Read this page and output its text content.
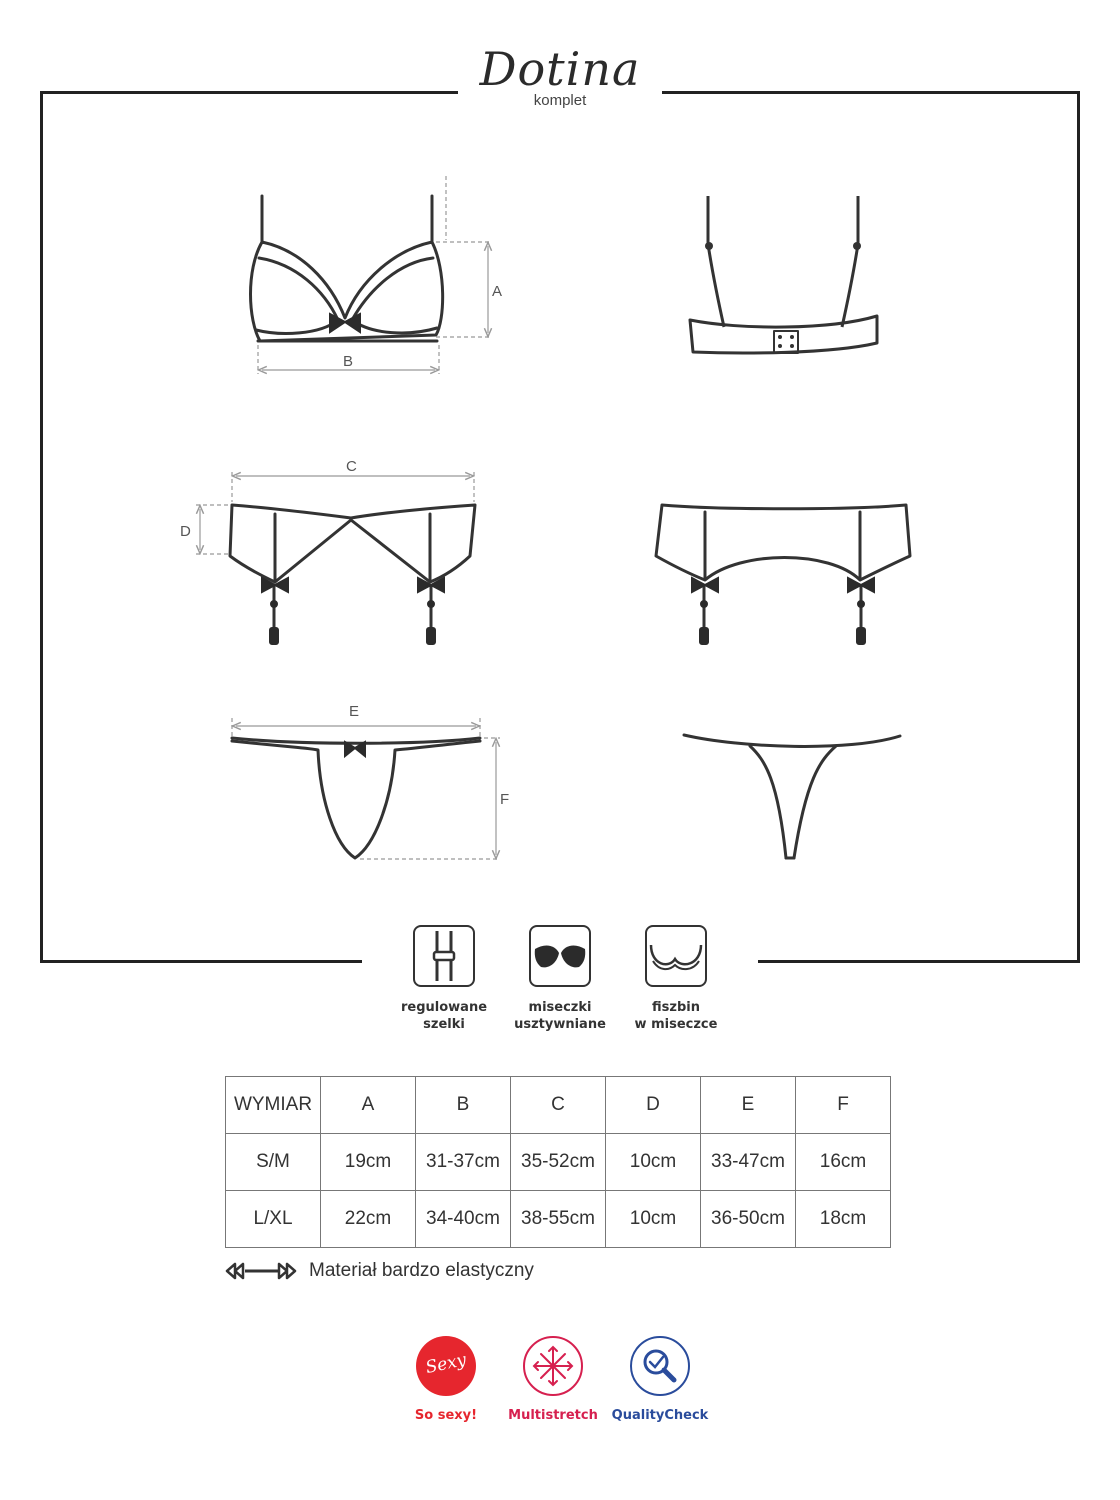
Dotina
komplet
A
B
C
D
E
F
regulowane
szelki
miseczki
usztywniane
fiszbin
w miseczce
WYMIAR	A	B	C	D	E	F
S/M	19cm	31-37cm	35-52cm	10cm	33-47cm	16cm
L/XL	22cm	34-40cm	38-55cm	10cm	36-50cm	18cm
Materiał bardzo elastyczny
Sexy
So sexy!	Multistretch	QualityCheck
